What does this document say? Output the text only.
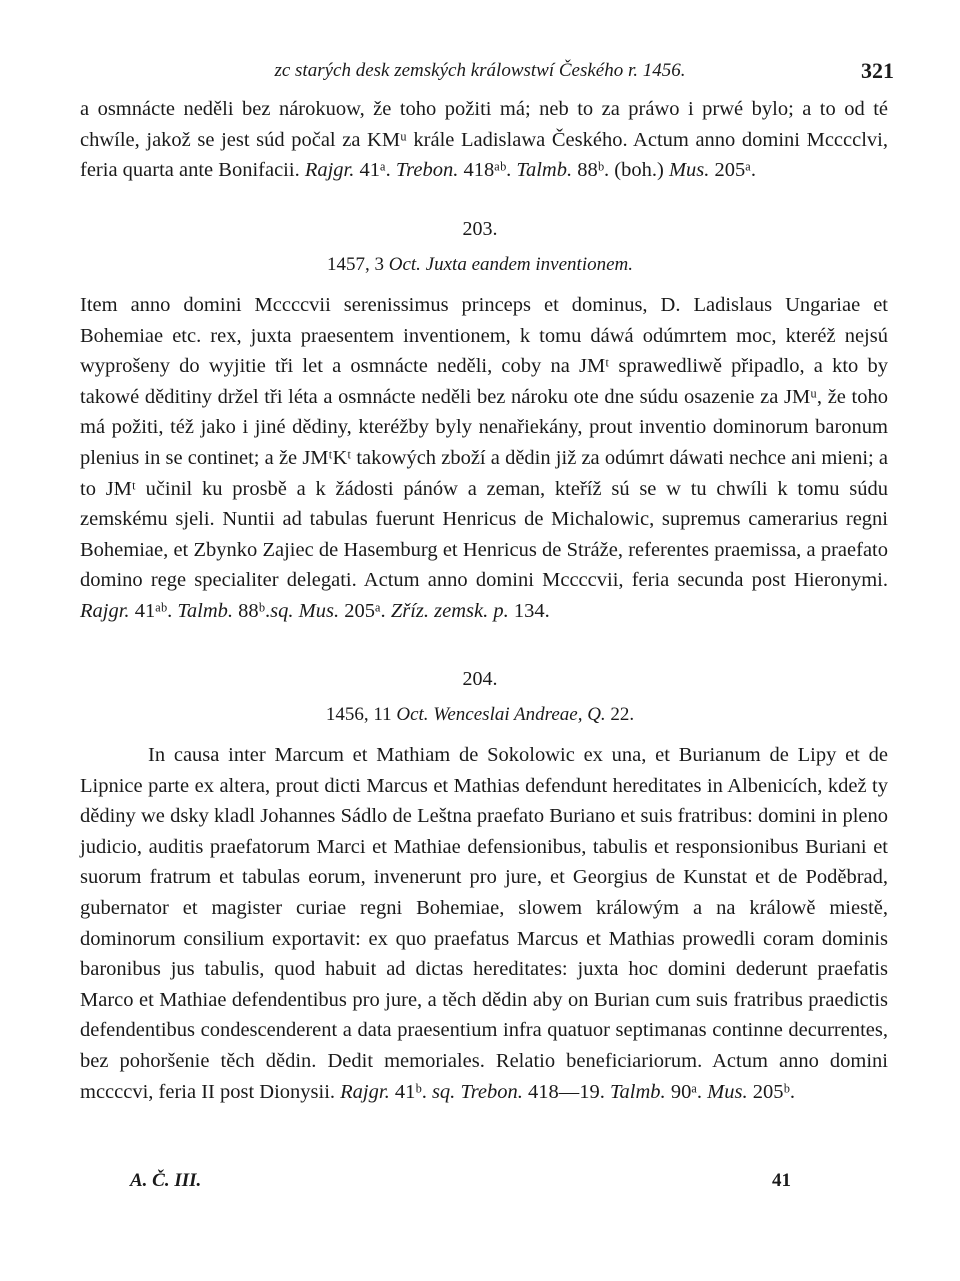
zc starých desk zemských králowstwí Českého r. 1456.	321

a osmnácte neděli bez nárokuow, že toho požiti má; neb to za práwo i prwé bylo; a to od té chwíle, jakož se jest súd počal za KMᵘ krále Ladislawa Českého. Actum anno domini Mcccclvi, feria quarta ante Bonifacii. Rajgr. 41ᵃ. Trebon. 418ᵃᵇ. Talmb. 88ᵇ. (boh.) Mus. 205ᵃ.

203.
1457, 3 Oct. Juxta eandem inventionem.

Item anno domini Mccccvii serenissimus princeps et dominus, D. Ladislaus Ungariae et Bohemiae etc. rex, juxta praesentem inventionem, k tomu dáwá odúmrtem moc, kteréž nejsú wyprošeny do wyjitie tři let a osmnácte neděli, coby na JMᵗ sprawedliwě připadlo, a kto by takowé děditiny držel tři léta a osmnácte neděli bez nároku ote dne súdu osazenie za JMᵘ, že toho má požiti, též jako i jiné dědiny, kteréžby byly nenařiekány, prout inventio dominorum baronum plenius in se continet; a že JMᵗKᵗ takowých zboží a dědin již za odúmrt dáwati nechce ani mieni; a to JMᵗ učinil ku prosbě a k žádosti pánów a zeman, kteříž sú se w tu chwíli k tomu súdu zemskému sjeli. Nuntii ad tabulas fuerunt Henricus de Michalowic, supremus camerarius regni Bohemiae, et Zbynko Zajiec de Hasemburg et Henricus de Stráže, referentes praemissa, a praefato domino rege specialiter delegati. Actum anno domini Mccccvii, feria secunda post Hieronymi. Rajgr. 41ᵃᵇ. Talmb. 88ᵇ.sq. Mus. 205ᵃ. Zříz. zemsk. p. 134.

204.
1456, 11 Oct. Wenceslai Andreae, Q. 22.

In causa inter Marcum et Mathiam de Sokolowic ex una, et Burianum de Lipy et de Lipnice parte ex altera, prout dicti Marcus et Mathias defendunt hereditates in Albenicích, kdež ty dědiny we dsky kladl Johannes Sádlo de Leštna praefato Buriano et suis fratribus: domini in pleno judicio, auditis praefatorum Marci et Mathiae defensionibus, tabulis et responsionibus Buriani et suorum fratrum et tabulas eorum, invenerunt pro jure, et Georgius de Kunstat et de Poděbrad, gubernator et magister curiae regni Bohemiae, slowem králowým a na králowě miestě, dominorum consilium exportavit: ex quo praefatus Marcus et Mathias prowedli coram dominis baronibus jus tabulis, quod habuit ad dictas hereditates: juxta hoc domini dederunt praefatis Marco et Mathiae defendentibus pro jure, a těch dědin aby on Burian cum suis fratribus praedictis defendentibus condescenderent a data praesentium infra quatuor septimanas continne decurrentes, bez pohoršenie těch dědin. Dedit memoriales. Relatio beneficiariorum. Actum anno domini mccccvi, feria II post Dionysii. Rajgr. 41ᵇ. sq. Trebon. 418—19. Talmb. 90ᵃ. Mus. 205ᵇ.

A. Č. III.	41
